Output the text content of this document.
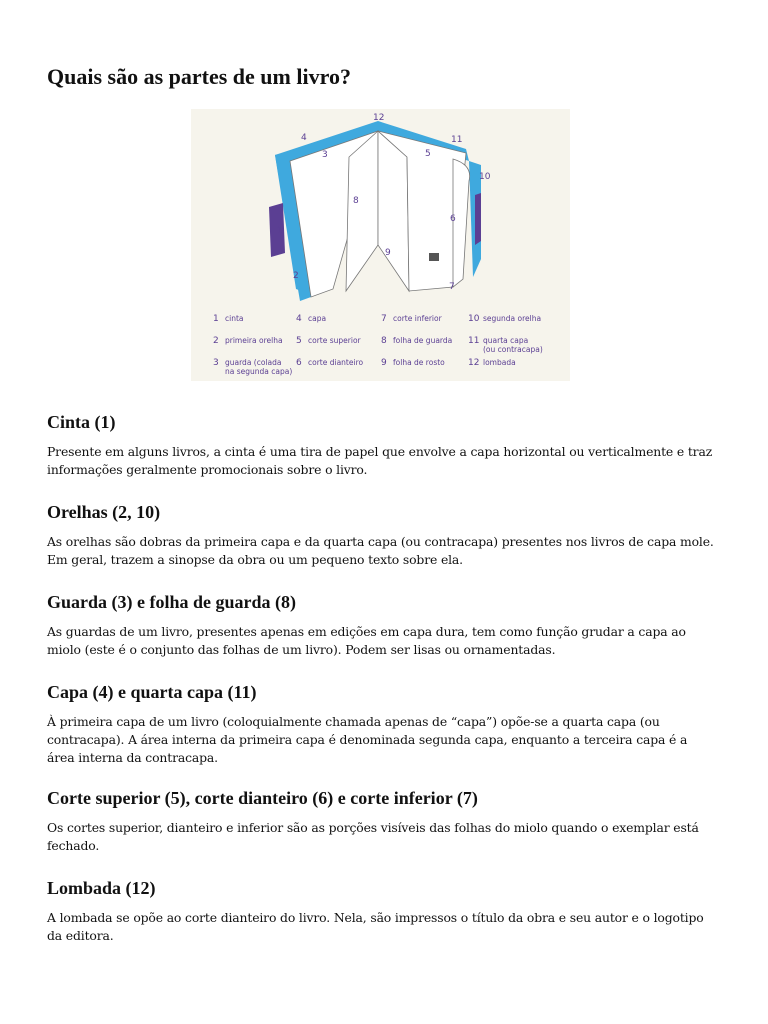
Quais são as partes de um livro?
1
2
3
4
5
6
7
8
9
10
11
12
1 cinta
2 primeira orelha
3 guarda (colada
na segunda capa)
4 capa
5 corte superior
6 corte dianteiro
7 corte inferior
8 folha de guarda
9 folha de rosto
10 segunda orelha
11 quarta capa
(ou contracapa)
12 lombada
Cinta (1)

Presente em alguns livros, a cinta é uma tira de papel que envolve a capa horizontal ou verticalmente e traz informações geralmente promocionais sobre o livro.

Orelhas (2, 10)

As orelhas são dobras da primeira capa e da quarta capa (ou contracapa) presentes nos livros de capa mole. Em geral, trazem a sinopse da obra ou um pequeno texto sobre ela.

Guarda (3) e folha de guarda (8)

As guardas de um livro, presentes apenas em edições em capa dura, tem como função grudar a capa ao miolo (este é o conjunto das folhas de um livro). Podem ser lisas ou ornamentadas.

Capa (4) e quarta capa (11)

À primeira capa de um livro (coloquialmente chamada apenas de “capa”) opõe-se a quarta capa (ou contracapa). A área interna da primeira capa é denominada segunda capa, enquanto a terceira capa é a área interna da contracapa.

Corte superior (5), corte dianteiro (6) e corte inferior (7)

Os cortes superior, dianteiro e inferior são as porções visíveis das folhas do miolo quando o exemplar está fechado.

Lombada (12)

A lombada se opõe ao corte dianteiro do livro. Nela, são impressos o título da obra e seu autor e o logotipo da editora.
